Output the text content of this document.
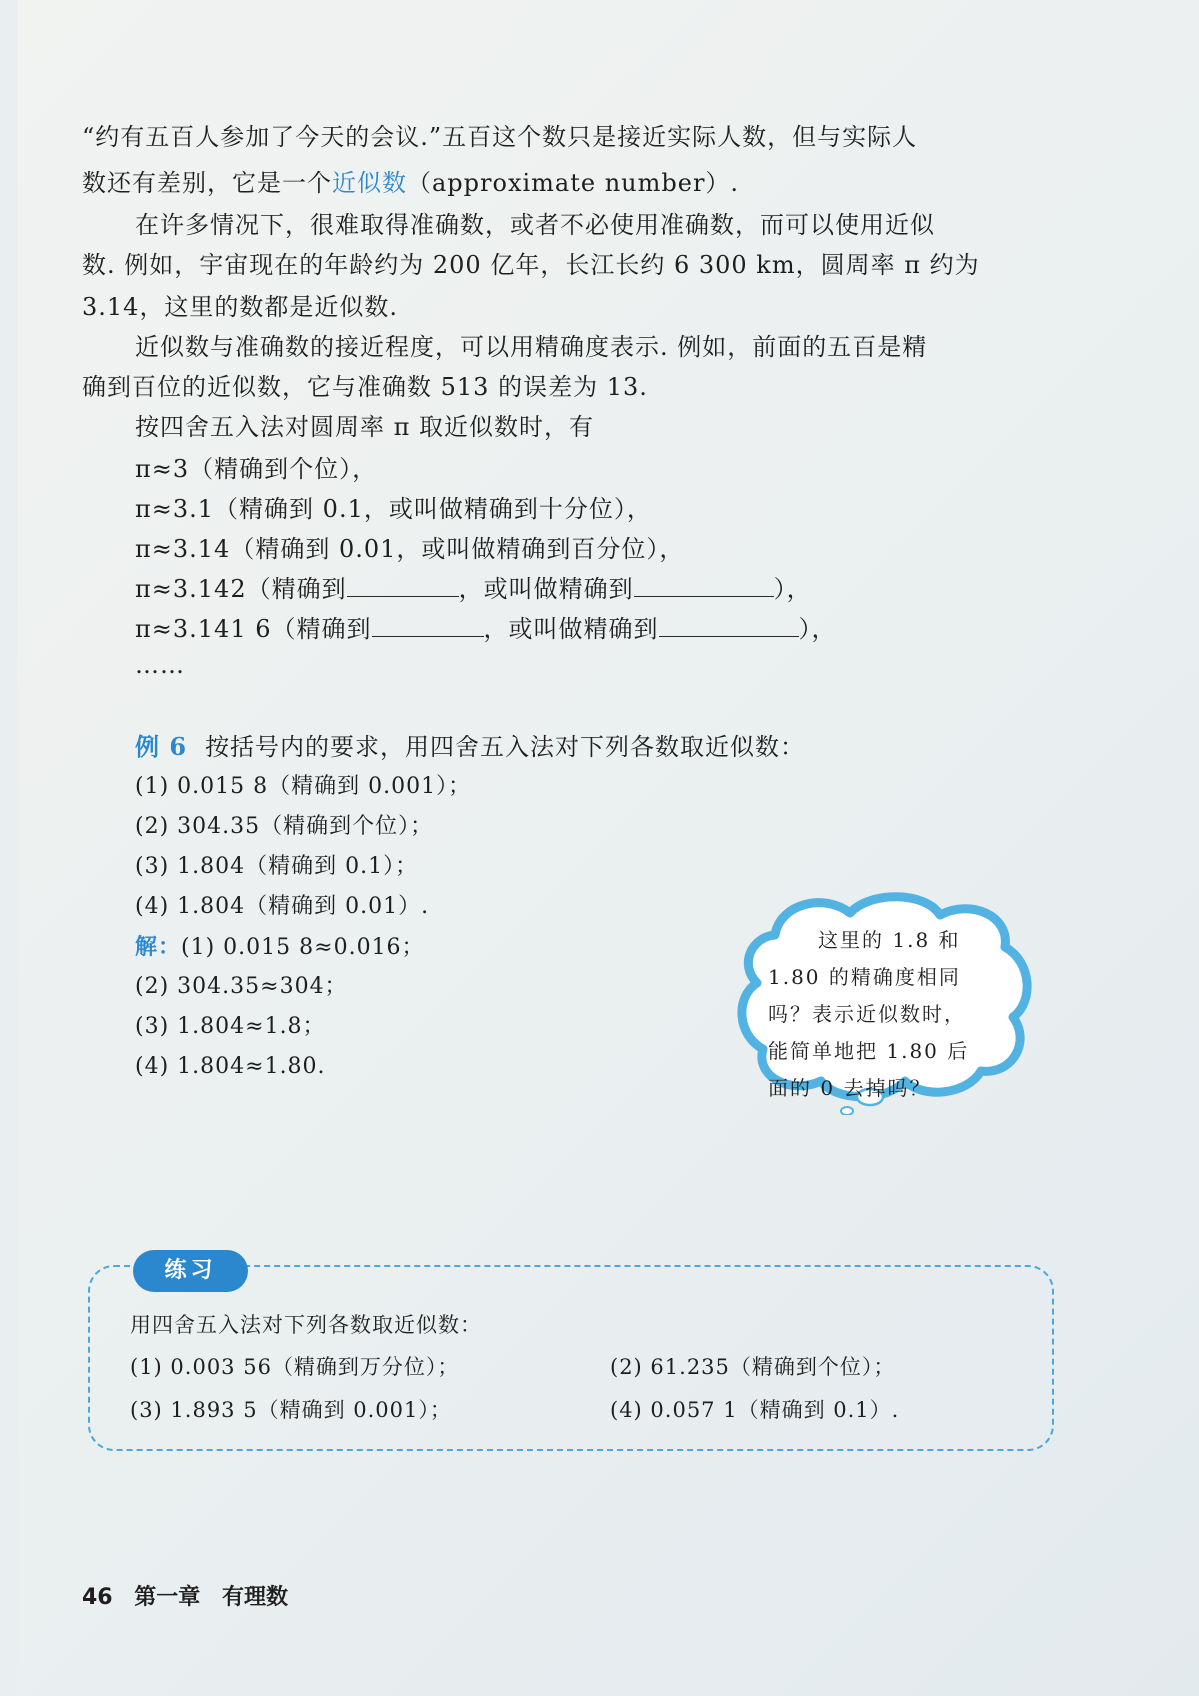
“约有五百人参加了今天的会议.”五百这个数只是接近实际人数，但与实际人
数还有差别，它是一个近似数（approximate number）.
在许多情况下，很难取得准确数，或者不必使用准确数，而可以使用近似
数. 例如，宇宙现在的年龄约为 200 亿年，长江长约 6 300 km，圆周率 π 约为
3.14，这里的数都是近似数.
近似数与准确数的接近程度，可以用精确度表示. 例如，前面的五百是精
确到百位的近似数，它与准确数 513 的误差为 13.
按四舍五入法对圆周率 π 取近似数时，有
π≈3（精确到个位），
π≈3.1（精确到 0.1，或叫做精确到十分位），
π≈3.14（精确到 0.01，或叫做精确到百分位），
π≈3.142（精确到	，或叫做精确到	），
π≈3.141 6（精确到	，或叫做精确到	），
……
例 6 按括号内的要求，用四舍五入法对下列各数取近似数：
(1) 0.015 8（精确到 0.001）；
(2) 304.35（精确到个位）；
(3) 1.804（精确到 0.1）；
(4) 1.804（精确到 0.01）.
解：(1) 0.015 8≈0.016；
(2) 304.35≈304；
(3) 1.804≈1.8；
(4) 1.804≈1.80.
这里的 1.8 和
1.80 的精确度相同
吗？表示近似数时，
能简单地把 1.80 后
面的 0 去掉吗？
练习
用四舍五入法对下列各数取近似数：
(1) 0.003 56（精确到万分位）；	(2) 61.235（精确到个位）；
(3) 1.893 5（精确到 0.001）；	(4) 0.057 1（精确到 0.1）.
46 第一章 有理数
